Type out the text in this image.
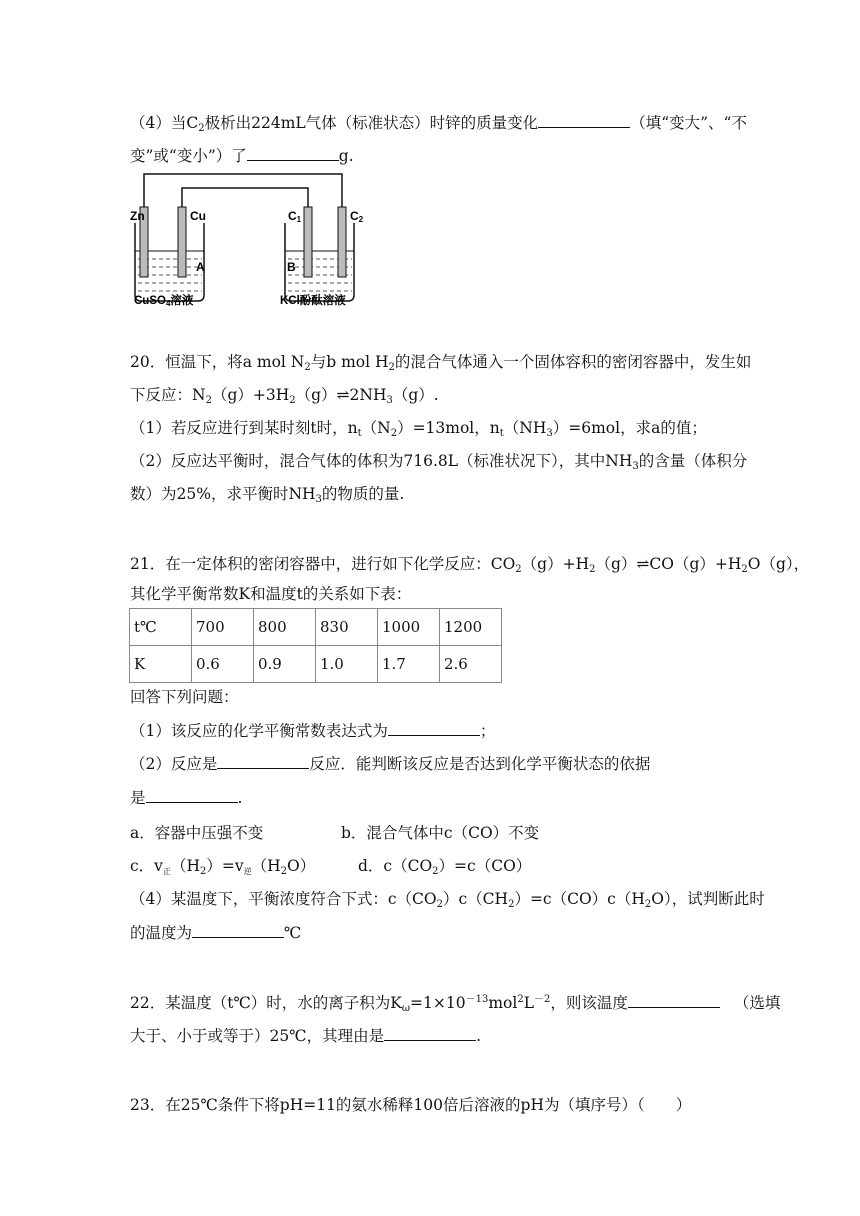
（4）当$C_2$极析出224mL气体（标准状态）时锌的质量变化	（填“变大”、“不
变”或“变小”）了	g.
Zn	Cu	C1	C2
A	B
CuSO4溶液	KCl酚酞溶液
20．恒温下，将a mol $N_2$与b mol $H_2$的混合气体通入一个固体容积的密闭容器中，发生如
下反应：$N_2(g)+3H_2(g)\rightleftharpoons 2NH_3(g)$.
（1）若反应进行到某时刻t时，$n_t(N_2)=13mol$，$n_t(NH_3)=6mol$，求a的值；
（2）反应达平衡时，混合气体的体积为716.8L（标准状况下），其中$NH_3$的含量（体积分
数）为25%，求平衡时$NH_3$的物质的量.
21．在一定体积的密闭容器中，进行如下化学反应：$CO_2(g)+H_2(g)\rightleftharpoons CO(g)+H_2O(g)$，
其化学平衡常数K和温度t的关系如下表：
t℃	700	800	830	1000	1200
K	0.6	0.9	1.0	1.7	2.6
回答下列问题：
（1）该反应的化学平衡常数表达式为	；
（2）反应是	反应．能判断该反应是否达到化学平衡状态的依据
是	.
a．容器中压强不变	b．混合气体中c（CO）不变
c．$v_正(H_2)=v_逆(H_2O)$	d．$c(CO_2)=c(CO)$
（4）某温度下，平衡浓度符合下式：$c(CO_2)c(CH_2)=c(CO)c(H_2O)$，试判断此时
的温度为	℃
22．某温度（t℃）时，水的离子积为$K_\omega=1\times 10^{-13}mol^2L^{-2}$，则该温度	（选填
大于、小于或等于）25℃，其理由是	.
23．在25℃条件下将pH=11的氨水稀释100倍后溶液的pH为（填序号）（　　）
